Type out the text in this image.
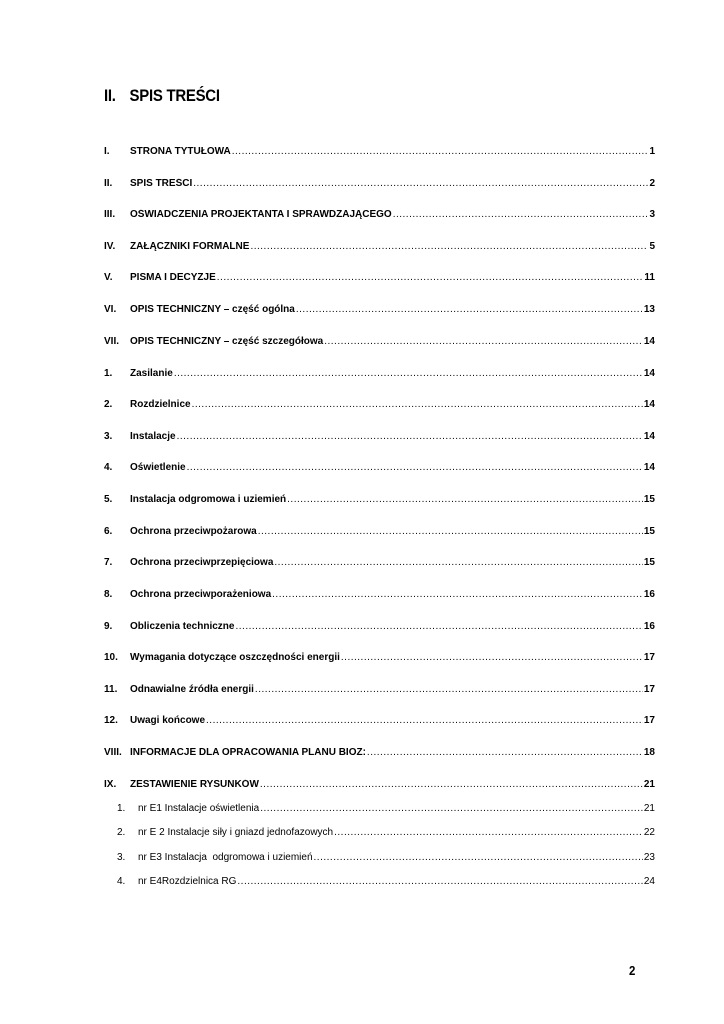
II. SPIS TREŚCI
I.	STRONA TYTUŁOWA .....	1
II.	SPIS TREŚCI .....	2
III.	OŚWIADCZENIA PROJEKTANTA I SPRAWDZAJĄCEGO .....	3
IV.	ZAŁĄCZNIKI FORMALNE .....	5
V.	PISMA I DECYZJE .....	11
VI.	OPIS TECHNICZNY – część ogólna .....	13
VII.	OPIS TECHNICZNY – część szczegółowa .....	14
1.	Zasilanie .....	14
2.	Rozdzielnice .....	14
3.	Instalacje .....	14
4.	Oświetlenie .....	14
5.	Instalacja odgromowa i uziemień .....	15
6.	Ochrona przeciwpożarowa .....	15
7.	Ochrona przeciwprzepięciowa .....	15
8.	Ochrona przeciwporażeniowa .....	16
9.	Obliczenia techniczne .....	16
10.	Wymagania dotyczące oszczędności energii .....	17
11.	Odnawialne źródła energii .....	17
12.	Uwagi końcowe .....	17
VIII. INFORMACJE DLA OPRACOWANIA PLANU BIOZ: .....	18
IX.	ZESTAWIENIE RYSUNKÓW .....	21
1.	nr E1 Instalacje oświetlenia .....	21
2.	nr E 2 Instalacje siły i gniazd jednofazowych .....	22
3.	nr E3 Instalacja  odgromowa i uziemień .....	23
4.	nr E4 Rozdzielnica RG .....	24
2
